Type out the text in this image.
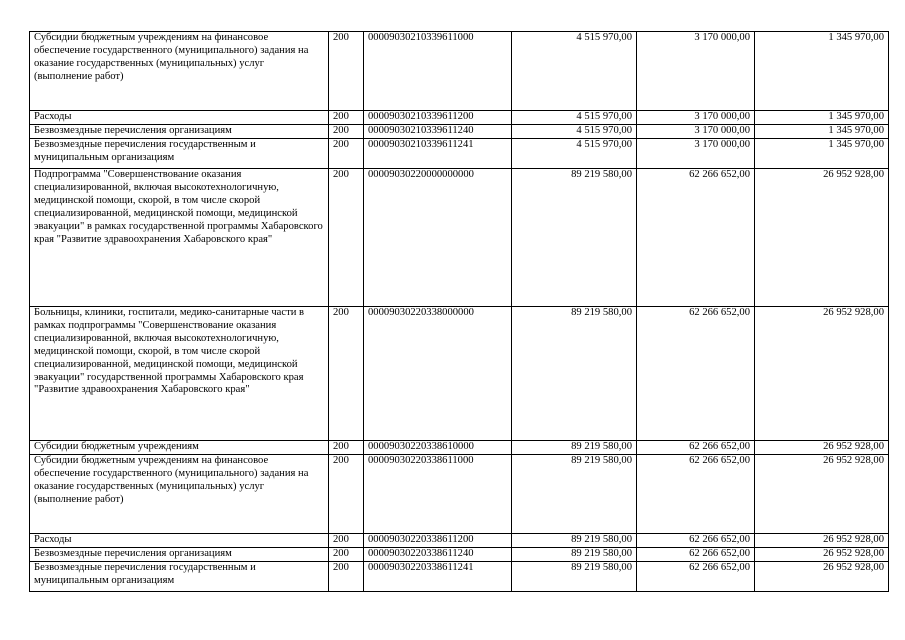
Субсидии бюджетным учреждениям на финансовое обеспечение государственного (муниципального) задания на оказание государственных (муниципальных) услуг (выполнение работ)	200	00009030210339611000	4 515 970,00	3 170 000,00	1 345 970,00
Расходы	200	00009030210339611200	4 515 970,00	3 170 000,00	1 345 970,00
Безвозмездные перечисления организациям	200	00009030210339611240	4 515 970,00	3 170 000,00	1 345 970,00
Безвозмездные перечисления государственным и муниципальным организациям	200	00009030210339611241	4 515 970,00	3 170 000,00	1 345 970,00
Подпрограмма "Совершенствование оказания специализированной, включая высокотехнологичную, медицинской помощи, скорой, в том числе скорой специализированной, медицинской помощи, медицинской эвакуации" в рамках государственной программы Хабаровского края "Развитие здравоохранения Хабаровского края"	200	00009030220000000000	89 219 580,00	62 266 652,00	26 952 928,00
Больницы, клиники, госпитали, медико-санитарные части в рамках подпрограммы "Совершенствование оказания специализированной, включая высокотехнологичную, медицинской помощи, скорой, в том числе скорой специализированной, медицинской помощи, медицинской эвакуации" государственной программы Хабаровского края "Развитие здравоохранения Хабаровского края"	200	00009030220338000000	89 219 580,00	62 266 652,00	26 952 928,00
Субсидии бюджетным учреждениям	200	00009030220338610000	89 219 580,00	62 266 652,00	26 952 928,00
Субсидии бюджетным учреждениям на финансовое обеспечение государственного (муниципального) задания на оказание государственных (муниципальных) услуг (выполнение работ)	200	00009030220338611000	89 219 580,00	62 266 652,00	26 952 928,00
Расходы	200	00009030220338611200	89 219 580,00	62 266 652,00	26 952 928,00
Безвозмездные перечисления организациям	200	00009030220338611240	89 219 580,00	62 266 652,00	26 952 928,00
Безвозмездные перечисления государственным и муниципальным организациям	200	00009030220338611241	89 219 580,00	62 266 652,00	26 952 928,00
